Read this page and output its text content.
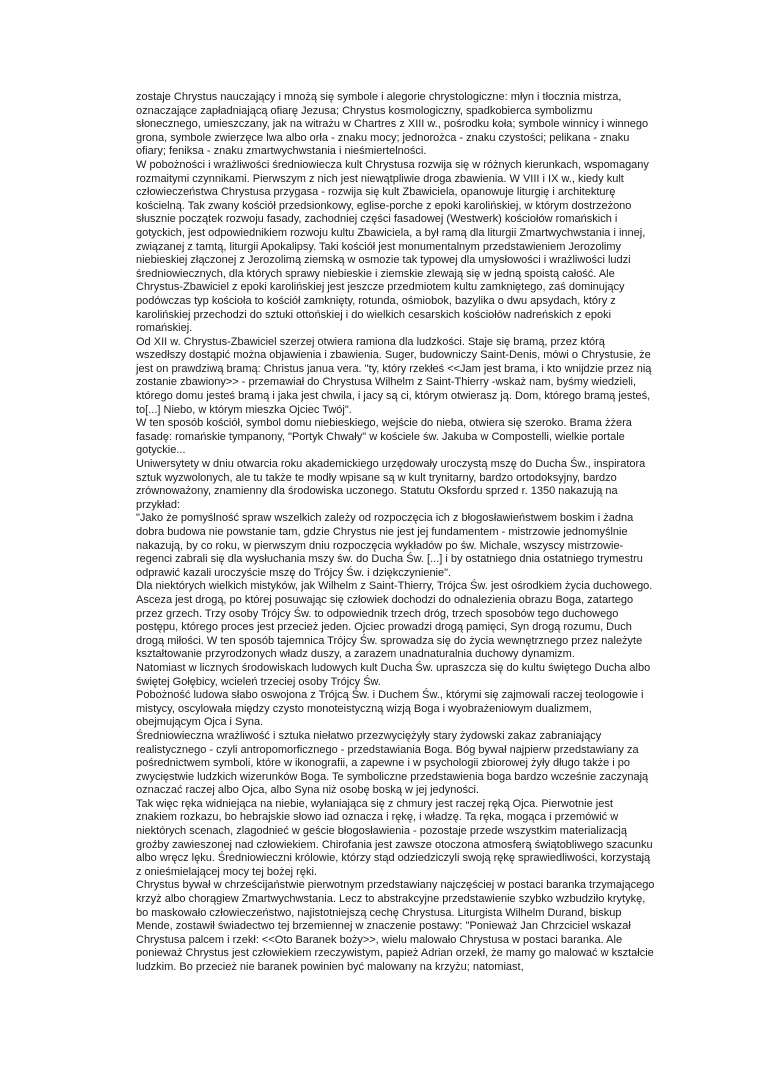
zostaje Chrystus nauczający i mnożą się symbole i alegorie chrystologiczne: młyn i tłocznia mistrza, oznaczające zapładniającą ofiarę Jezusa; Chrystus kosmologiczny, spadkobierca symbolizmu słonecznego, umieszczany, jak na witrażu w Chartres z XIII w., pośrodku koła; symbole winnicy i winnego grona, symbole zwierzęce lwa albo orła - znaku mocy; jednorożca - znaku czystości; pelikana - znaku ofiary; feniksa - znaku zmartwychwstania i nieśmiertelności.

W pobożności i wrażliwości średniowiecza kult Chrystusa rozwija się w różnych kierunkach, wspomagany rozmaitymi czynnikami. Pierwszym z nich jest niewątpliwie droga zbawienia. W VIII i IX w., kiedy kult człowieczeństwa Chrystusa przygasa - rozwija się kult Zbawiciela, opanowuje liturgię i architekturę kościelną. Tak zwany kościół przedsionkowy, eglise-porche z epoki karolińskiej, w którym dostrzeżono słusznie początek rozwoju fasady, zachodniej części fasadowej (Westwerk) kościołów romańskich i gotyckich, jest odpowiednikiem rozwoju kultu Zbawiciela, a był ramą dla liturgii Zmartwychwstania i innej, związanej z tamtą, liturgii Apokalipsy. Taki kościół jest monumentalnym przedstawieniem Jerozolimy niebieskiej złączonej z Jerozolimą ziemską w osmozie tak typowej dla umysłowości i wrażliwości ludzi średniowiecznych, dla których sprawy niebieskie i ziemskie zlewają się w jedną spoistą całość. Ale Chrystus-Zbawiciel z epoki karolińskiej jest jeszcze przedmiotem kultu zamkniętego, zaś dominujący podówczas typ kościoła to kościół zamknięty, rotunda, ośmiobok, bazylika o dwu apsydach, który z karolińskiej przechodzi do sztuki ottońskiej i do wielkich cesarskich kościołów nadreńskich z epoki romańskiej.

Od XII w. Chrystus-Zbawiciel szerzej otwiera ramiona dla ludzkości. Staje się bramą, przez którą wszedłszy dostąpić można objawienia i zbawienia. Suger, budowniczy Saint-Denis, mówi o Chrystusie, że jest on prawdziwą bramą: Christus janua vera. "ty, który rzekłeś <<Jam jest brama, i kto wnijdzie przez nią zostanie zbawiony>> - przemawiał do Chrystusa Wilhelm z Saint-Thierry -wskaż nam, byśmy wiedzieli, którego domu jesteś bramą i jaka jest chwila, i jacy są ci, którym otwierasz ją. Dom, którego bramą jesteś, to[...] Niebo, w którym mieszka Ojciec Twój".

W ten sposób kościół, symbol domu niebieskiego, wejście do nieba, otwiera się szeroko. Brama żżera fasadę: romańskie tympanony, "Portyk Chwały" w kościele św. Jakuba w Compostelli, wielkie portale gotyckie...

Uniwersytety w dniu otwarcia roku akademickiego urzędowały uroczystą mszę do Ducha Św., inspiratora sztuk wyzwolonych, ale tu także te modły wpisane są w kult trynitarny, bardzo ortodoksyjny, bardzo zrównoważony, znamienny dla środowiska uczonego. Statutu Oksfordu sprzed r. 1350 nakazują na przykład:

"Jako że pomyślność spraw wszelkich zależy od rozpoczęcia ich z błogosławieństwem boskim i żadna dobra budowa nie powstanie tam, gdzie Chrystus nie jest jej fundamentem - mistrzowie jednomyślnie nakazują, by co roku, w pierwszym dniu rozpoczęcia wykładów po św. Michale, wszyscy mistrzowie-regenci zabrali się dla wysłuchania mszy św. do Ducha Św. [...] i by ostatniego dnia ostatniego trymestru odprawić kazali uroczyście mszę do Trójcy Św. i dziękczynienie".

Dla niektórych wielkich mistyków, jak Wilhelm z Saint-Thierry, Trójca Św. jest ośrodkiem życia duchowego. Asceza jest drogą, po której posuwając się człowiek dochodzi do odnalezienia obrazu Boga, zatartego przez grzech. Trzy osoby Trójcy Św. to odpowiednik trzech dróg, trzech sposobów tego duchowego postępu, którego proces jest przecież jeden. Ojciec prowadzi drogą pamięci, Syn drogą rozumu, Duch drogą miłości. W ten sposób tajemnica Trójcy Św. sprowadza się do życia wewnętrznego przez należyte kształtowanie przyrodzonych władz duszy, a zarazem unadnaturalnia duchowy dynamizm.

Natomiast w licznych środowiskach ludowych kult Ducha Św. upraszcza się do kultu świętego Ducha albo świętej Gołębicy, wcieleń trzeciej osoby Trójcy Św.

Pobożność ludowa słabo oswojona z Trójcą Św. i Duchem Św., którymi się zajmowali raczej teologowie i mistycy, oscylowała między czysto monoteistyczną wizją Boga i wyobrażeniowym dualizmem, obejmującym Ojca i Syna.

Średniowieczna wrażliwość i sztuka niełatwo przezwyciężyły stary żydowski zakaz zabraniający realistycznego - czyli antropomorficznego - przedstawiania Boga. Bóg bywał najpierw przedstawiany za pośrednictwem symboli, które w ikonografii, a zapewne i w psychologii zbiorowej żyły długo także i po zwycięstwie ludzkich wizerunków Boga. Te symboliczne przedstawienia boga bardzo wcześnie zaczynają oznaczać raczej albo Ojca, albo Syna niż osobę boską w jej jedyności.

Tak więc ręka widniejąca na niebie, wyłaniająca się z chmury jest raczej ręką Ojca. Pierwotnie jest znakiem rozkazu, bo hebrajskie słowo iad oznacza i rękę, i władzę. Ta ręka, mogąca i przemówić w niektórych scenach, zlagodnieć w geście błogosławienia - pozostaje przede wszystkim materializacją groźby zawieszonej nad człowiekiem. Chirofania jest zawsze otoczona atmosferą świątobliwego szacunku albo wręcz lęku. Średniowieczni królowie, którzy stąd odziedziczyli swoją rękę sprawiedliwości, korzystają z onieśmielającej mocy tej bożej ręki.

Chrystus bywał w chrześcijaństwie pierwotnym przedstawiany najczęściej w postaci baranka trzymającego krzyż albo chorągiew Zmartwychwstania. Lecz to abstrakcyjne przedstawienie szybko wzbudziło krytykę, bo maskowało człowieczeństwo, najistotniejszą cechę Chrystusa. Liturgista Wilhelm Durand, biskup Mende, zostawił świadectwo tej brzemiennej w znaczenie postawy: "Ponieważ Jan Chrzciciel wskazał Chrystusa palcem i rzekł: <<Oto Baranek boży>>, wielu malowało Chrystusa w postaci baranka. Ale ponieważ Chrystus jest człowiekiem rzeczywistym, papież Adrian orzekł, że mamy go malować w kształcie ludzkim. Bo przecież nie baranek powinien być malowany na krzyżu; natomiast,
